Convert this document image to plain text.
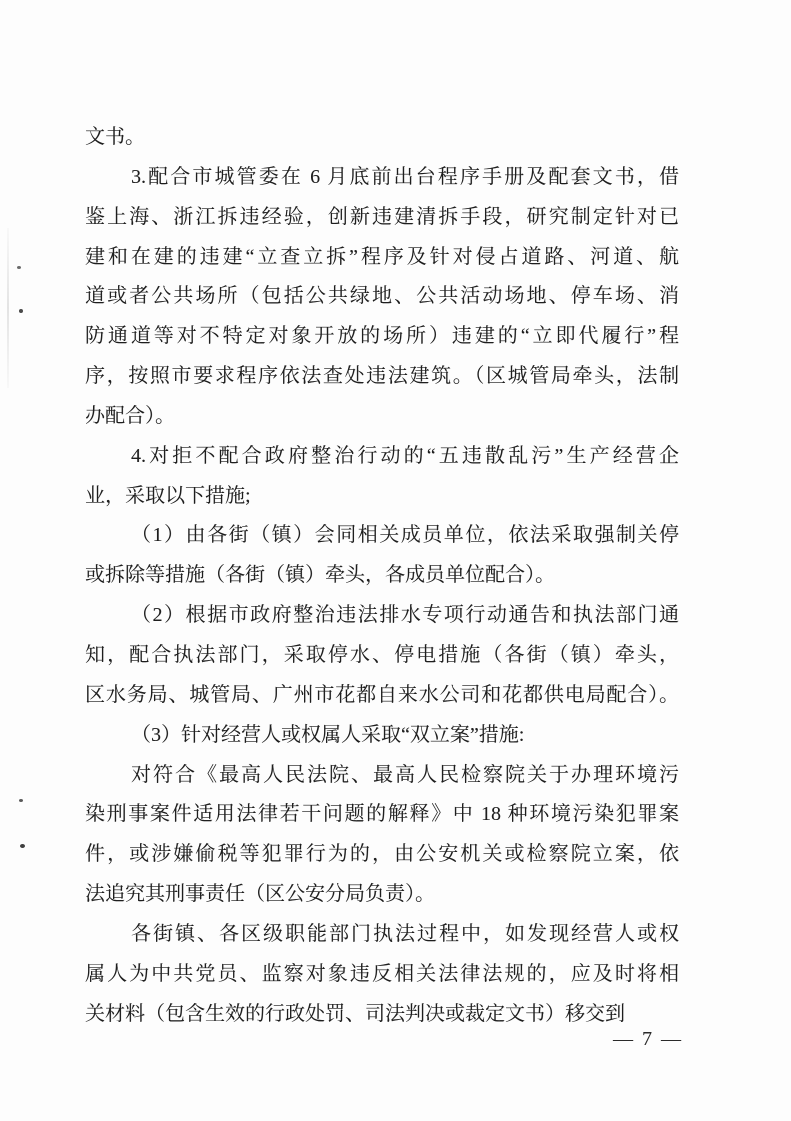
文书。
3.配合市城管委在 6 月底前出台程序手册及配套文书，借
鉴上海、浙江拆违经验，创新违建清拆手段，研究制定针对已
建和在建的违建“立查立拆”程序及针对侵占道路、河道、航
道或者公共场所（包括公共绿地、公共活动场地、停车场、消
防通道等对不特定对象开放的场所）违建的“立即代履行”程
序，按照市要求程序依法查处违法建筑。（区城管局牵头，法制
办配合）。
4.对拒不配合政府整治行动的“五违散乱污”生产经营企
业，采取以下措施;
（1）由各街（镇）会同相关成员单位，依法采取强制关停
或拆除等措施（各街（镇）牵头，各成员单位配合）。
（2）根据市政府整治违法排水专项行动通告和执法部门通
知，配合执法部门，采取停水、停电措施（各街（镇）牵头，
区水务局、城管局、广州市花都自来水公司和花都供电局配合）。
（3）针对经营人或权属人采取“双立案”措施:
对符合《最高人民法院、最高人民检察院关于办理环境污
染刑事案件适用法律若干问题的解释》中 18 种环境污染犯罪案
件，或涉嫌偷税等犯罪行为的，由公安机关或检察院立案，依
法追究其刑事责任（区公安分局负责）。
各街镇、各区级职能部门执法过程中，如发现经营人或权
属人为中共党员、监察对象违反相关法律法规的，应及时将相
关材料（包含生效的行政处罚、司法判决或裁定文书）移交到
— 7 —
